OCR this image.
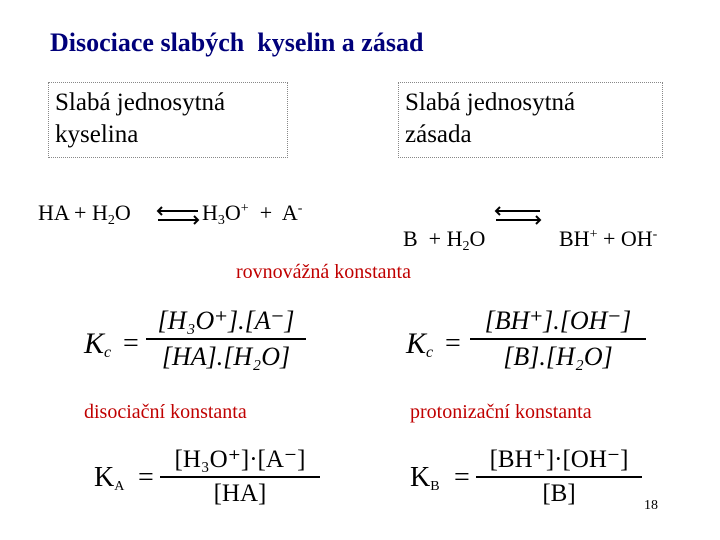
Disociace slabých  kyselin a zásad
Slabá jednosytná
kyselina
Slabá jednosytná
zásada
HA + $H_2O$ ⇌ $H_3O^+ + A^-$

$B + H_2O$	BH+ + OH-

rovnovážná konstanta
$K_c$ =
[H₃O⁺].[A⁻]
[HA].[H₂O]	$K_c$ =
[BH⁺].[OH⁻]
[B].[H₂O]
disociační konstanta	protonizační konstanta
$K_A$ =
[H₃O⁺]·[A⁻]
[HA]	$K_B$ =
[BH⁺]·[OH⁻]
[B]	18
